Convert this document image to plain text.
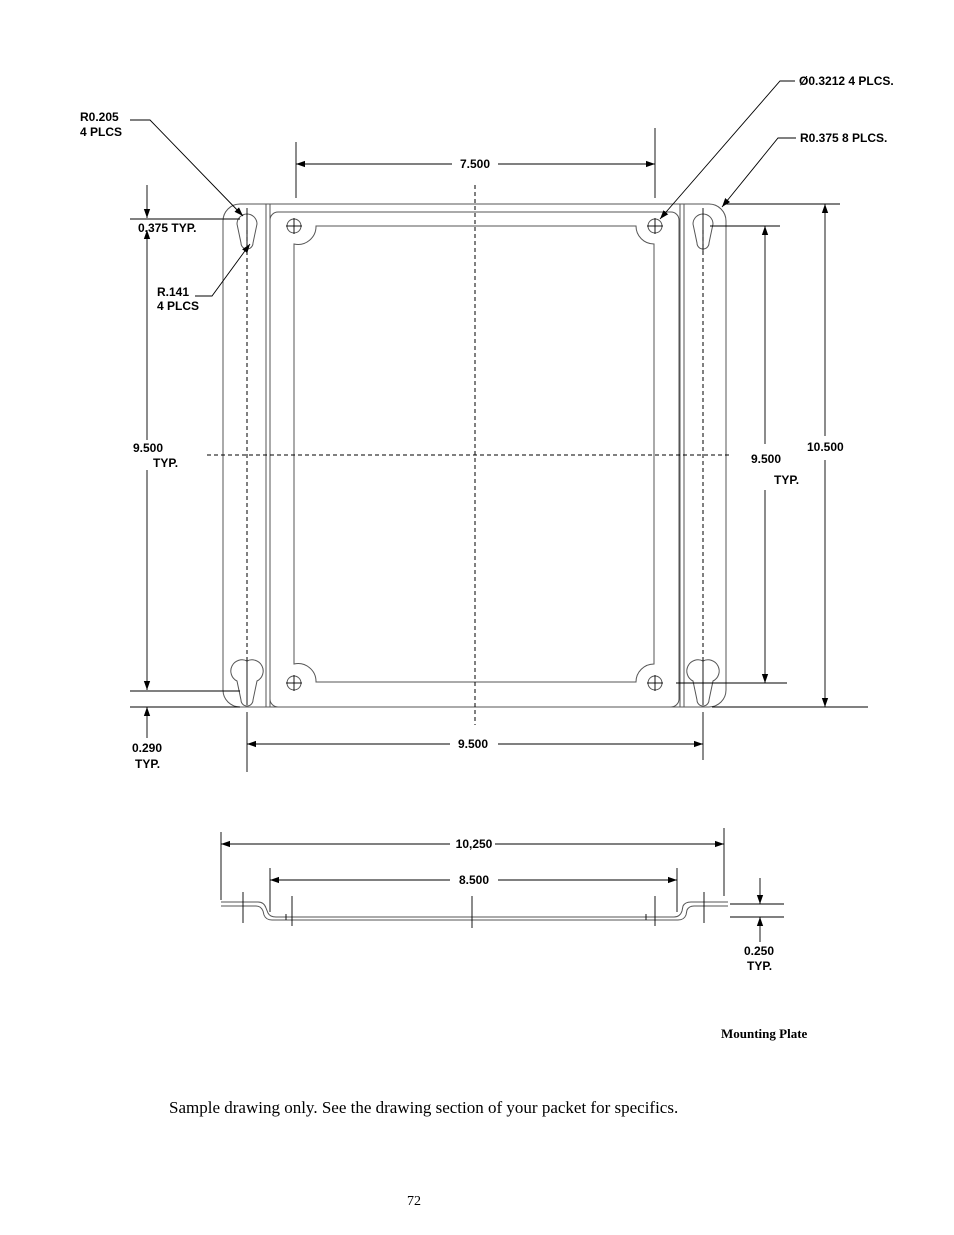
7.500
R0.205
4 PLCS
0.375 TYP.
R.141
4 PLCS
9.500
TYP.
0.290
TYP.
9.500
Ø0.3212 4 PLCS.
R0.375 8 PLCS.
9.500
TYP.
10.500
10,250
8.500
0.250
TYP.
Mounting Plate
Sample drawing only. See the drawing section of your packet for specifics.
72
